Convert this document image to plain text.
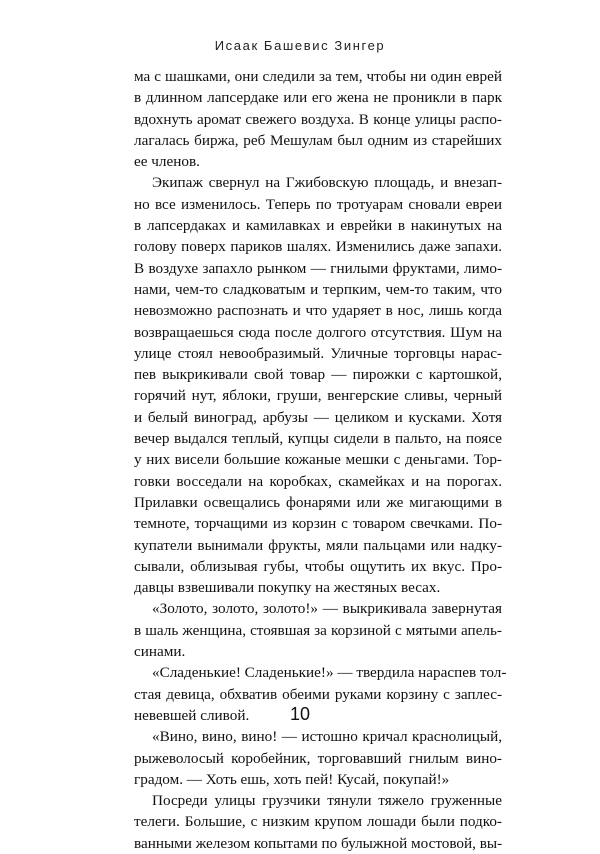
Исаак Башевис Зингер
ма с шашками, они следили за тем, чтобы ни один еврей
в длинном лапсердаке или его жена не проникли в парк
вдохнуть аромат свежего воздуха. В конце улицы распо-
лагалась биржа, реб Мешулам был одним из старейших
ее членов.
Экипаж свернул на Гжибовскую площадь, и внезап-
но все изменилось. Теперь по тротуарам сновали евреи
в лапсердаках и камилавках и еврейки в накинутых на
голову поверх париков шалях. Изменились даже запахи.
В воздухе запахло рынком — гнилыми фруктами, лимо-
нами, чем-то сладковатым и терпким, чем-то таким, что
невозможно распознать и что ударяет в нос, лишь когда
возвращаешься сюда после долгого отсутствия. Шум на
улице стоял невообразимый. Уличные торговцы нарас-
пев выкрикивали свой товар — пирожки с картошкой,
горячий нут, яблоки, груши, венгерские сливы, черный
и белый виноград, арбузы — целиком и кусками. Хотя
вечер выдался теплый, купцы сидели в пальто, на поясе
у них висели большие кожаные мешки с деньгами. Тор-
говки восседали на коробках, скамейках и на порогах.
Прилавки освещались фонарями или же мигающими в
темноте, торчащими из корзин с товаром свечками. По-
купатели вынимали фрукты, мяли пальцами или надку-
сывали, облизывая губы, чтобы ощутить их вкус. Про-
давцы взвешивали покупку на жестяных весах.
«Золото, золото, золото!» — выкрикивала завернутая
в шаль женщина, стоявшая за корзиной с мятыми апель-
синами.
«Сладенькие! Сладенькие!» — твердила нараспев тол-
стая девица, обхватив обеими руками корзину с заплес-
невевшей сливой.
«Вино, вино, вино! — истошно кричал краснолицый,
рыжеволосый коробейник, торговавший гнилым вино-
градом. — Хоть ешь, хоть пей! Кусай, покупай!»
Посреди улицы грузчики тянули тяжело груженные
телеги. Большие, с низким крупом лошади были подко-
ванными железом копытами по булыжной мостовой, вы-
10
